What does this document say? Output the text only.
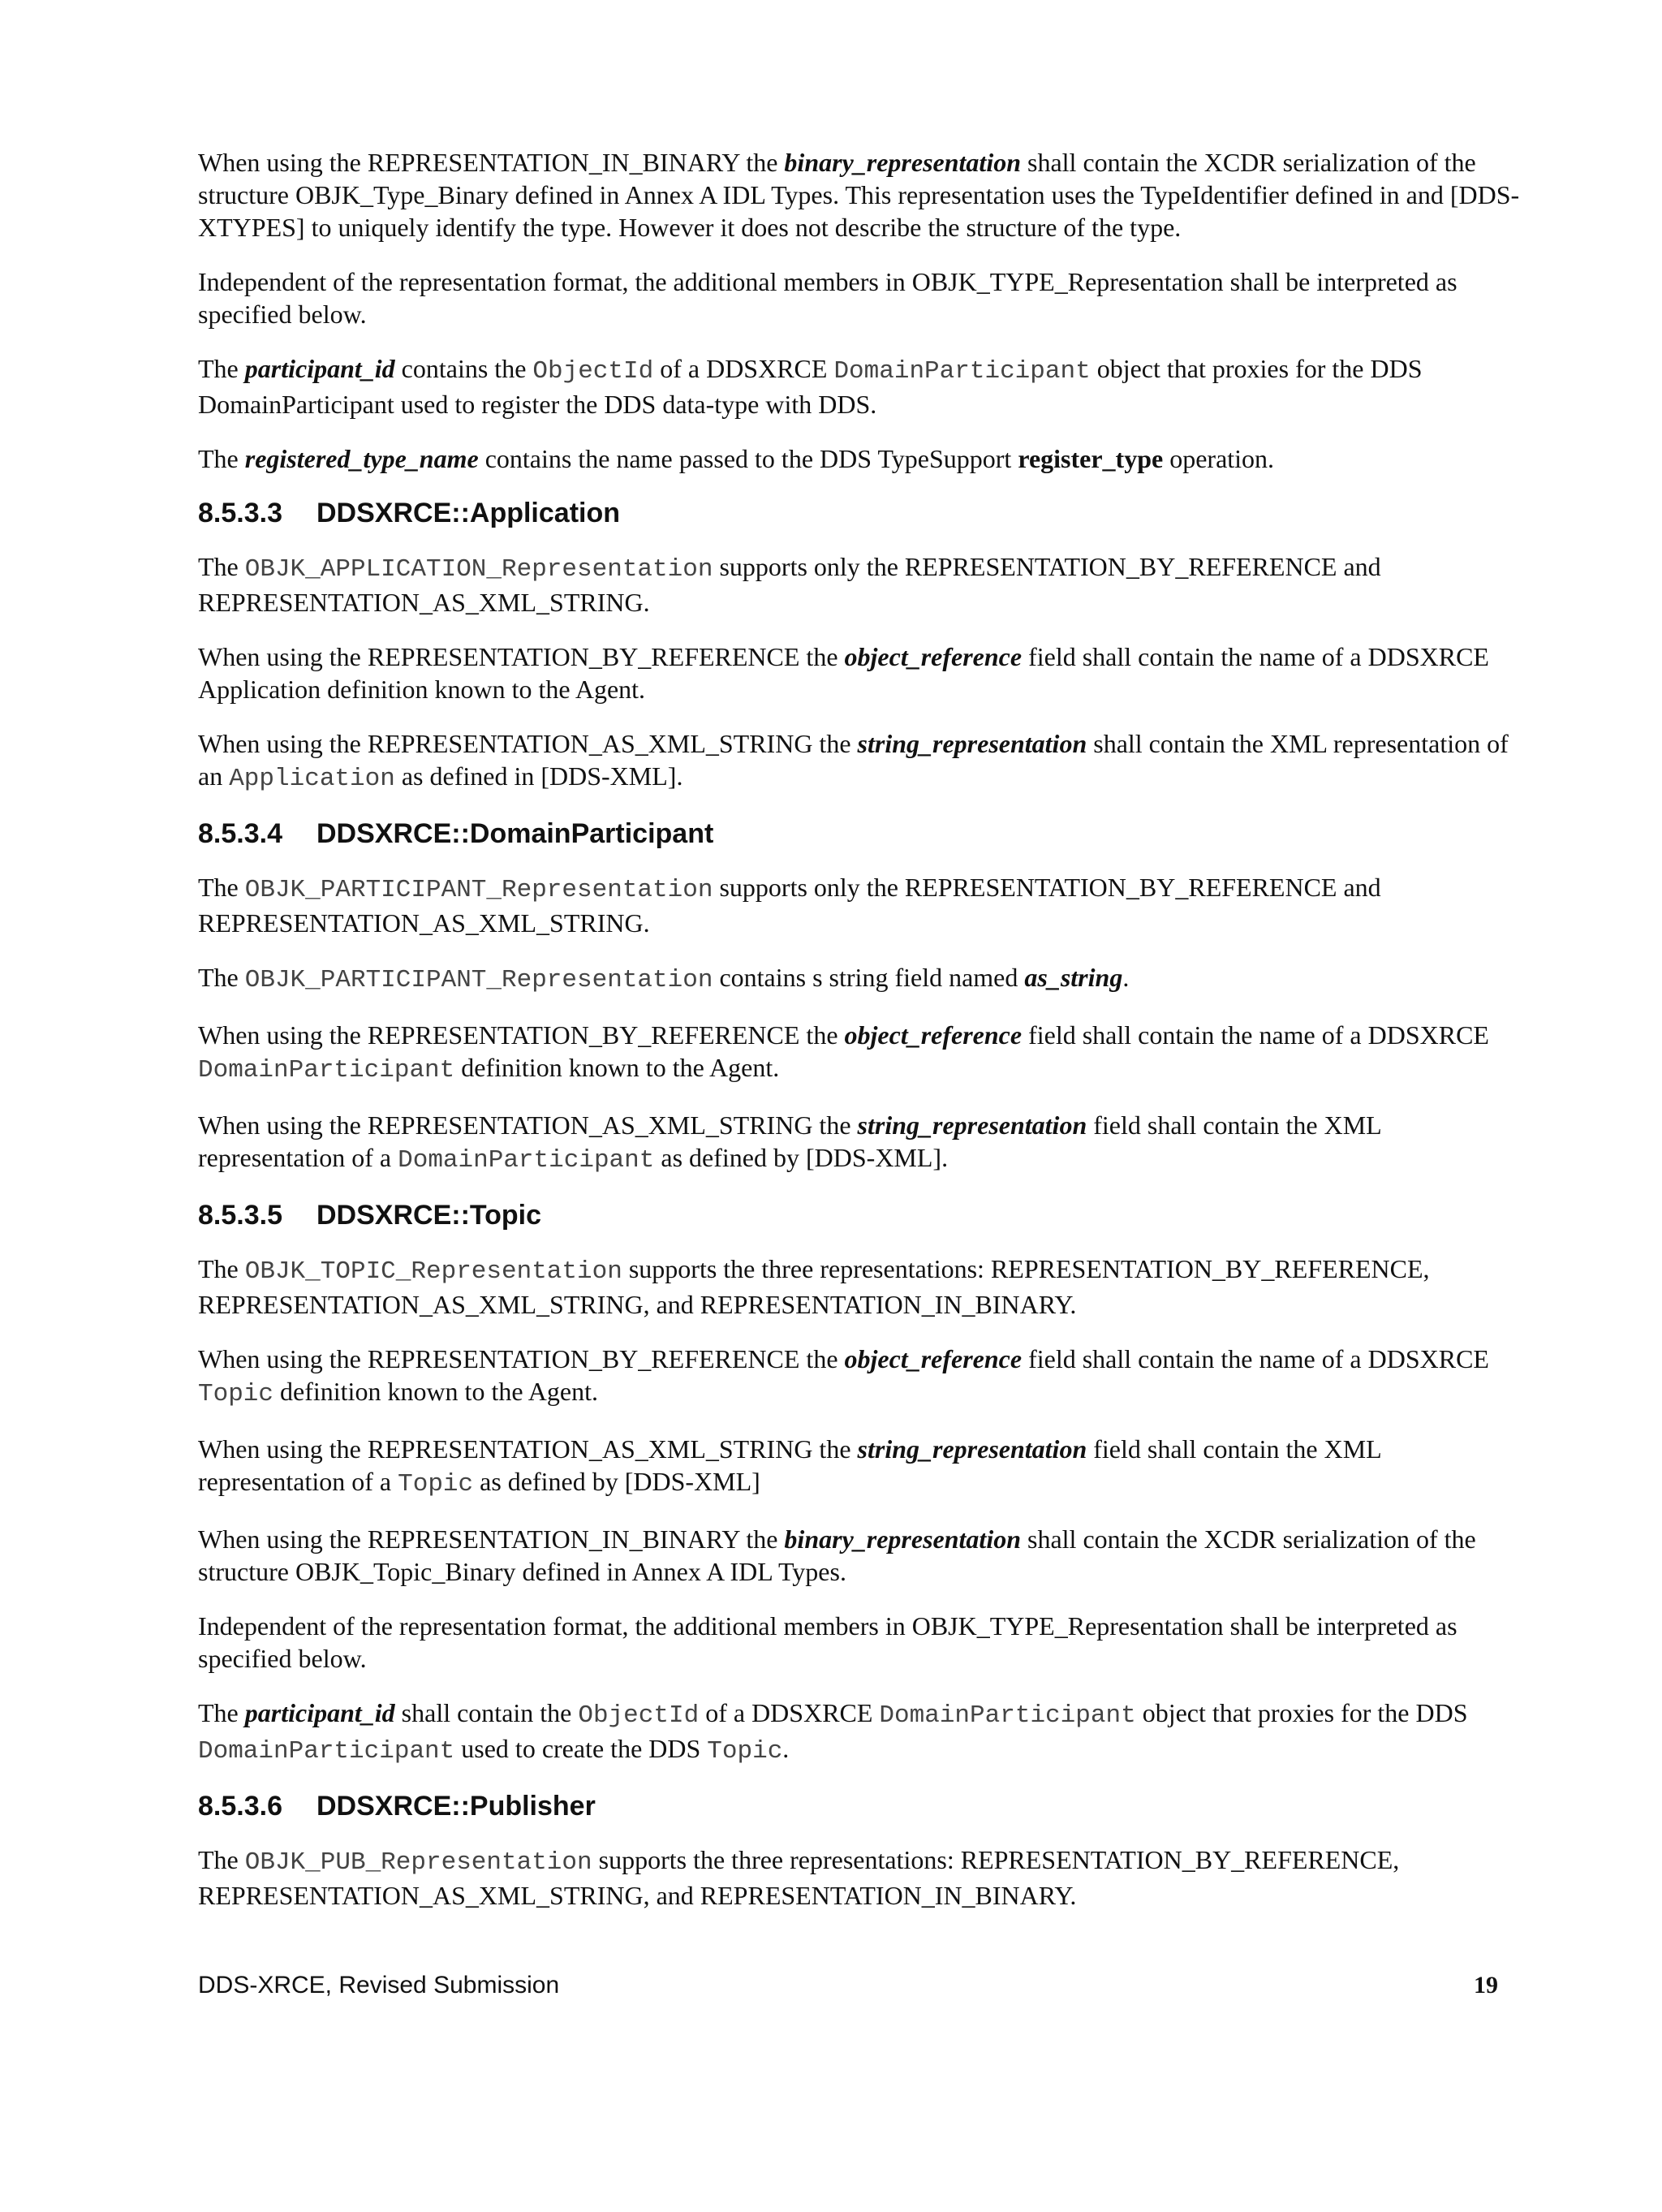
When using the REPRESENTATION_IN_BINARY the binary_representation shall contain the XCDR serialization of the structure OBJK_Type_Binary defined in Annex A IDL Types. This representation uses the TypeIdentifier defined in and [DDS-XTYPES] to uniquely identify the type. However it does not describe the structure of the type.

Independent of the representation format, the additional members in OBJK_TYPE_Representation shall be interpreted as specified below.

The participant_id contains the ObjectId of a DDSXRCE DomainParticipant object that proxies for the DDS DomainParticipant used to register the DDS data-type with DDS.

The registered_type_name contains the name passed to the DDS TypeSupport register_type operation.

8.5.3.3 DDSXRCE::Application

The OBJK_APPLICATION_Representation supports only the REPRESENTATION_BY_REFERENCE and REPRESENTATION_AS_XML_STRING.

When using the REPRESENTATION_BY_REFERENCE the object_reference field shall contain the name of a DDSXRCE Application definition known to the Agent.

When using the REPRESENTATION_AS_XML_STRING the string_representation shall contain the XML representation of an Application as defined in [DDS-XML].

8.5.3.4 DDSXRCE::DomainParticipant

The OBJK_PARTICIPANT_Representation supports only the REPRESENTATION_BY_REFERENCE and REPRESENTATION_AS_XML_STRING.

The OBJK_PARTICIPANT_Representation contains s string field named as_string.

When using the REPRESENTATION_BY_REFERENCE the object_reference field shall contain the name of a DDSXRCE DomainParticipant definition known to the Agent.

When using the REPRESENTATION_AS_XML_STRING the string_representation field shall contain the XML representation of a DomainParticipant as defined by [DDS-XML].

8.5.3.5 DDSXRCE::Topic

The OBJK_TOPIC_Representation supports the three representations: REPRESENTATION_BY_REFERENCE, REPRESENTATION_AS_XML_STRING, and REPRESENTATION_IN_BINARY.

When using the REPRESENTATION_BY_REFERENCE the object_reference field shall contain the name of a DDSXRCE Topic definition known to the Agent.

When using the REPRESENTATION_AS_XML_STRING the string_representation field shall contain the XML representation of a Topic as defined by [DDS-XML]

When using the REPRESENTATION_IN_BINARY the binary_representation shall contain the XCDR serialization of the structure OBJK_Topic_Binary defined in Annex A IDL Types.

Independent of the representation format, the additional members in OBJK_TYPE_Representation shall be interpreted as specified below.

The participant_id shall contain the ObjectId of a DDSXRCE DomainParticipant object that proxies for the DDS DomainParticipant used to create the DDS Topic.

8.5.3.6 DDSXRCE::Publisher

The OBJK_PUB_Representation supports the three representations: REPRESENTATION_BY_REFERENCE, REPRESENTATION_AS_XML_STRING, and REPRESENTATION_IN_BINARY.

DDS-XRCE, Revised Submission	19
